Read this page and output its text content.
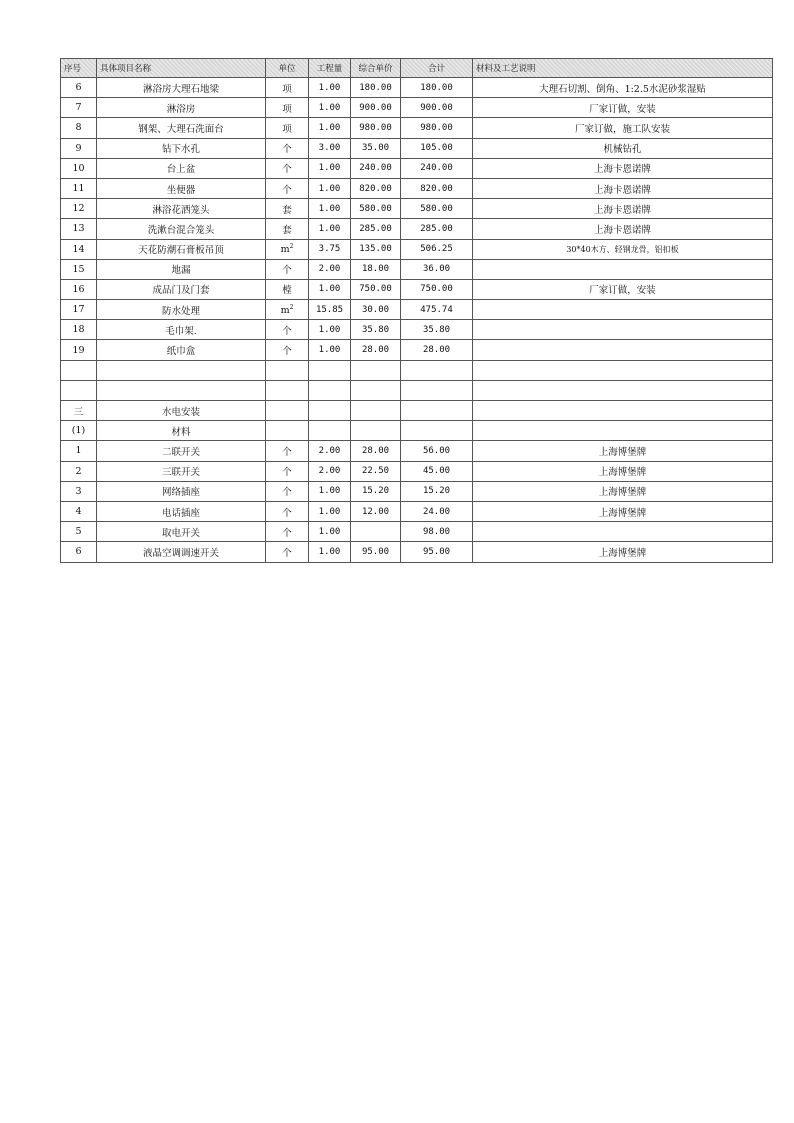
序号	具体项目名称	单位	工程量	综合单价	合计	材料及工艺说明
6	淋浴房大理石地梁	项	1.00	180.00	180.00	大理石切割、倒角、1:2.5水泥砂浆湿贴
7	淋浴房	项	1.00	900.00	900.00	厂家订做，安装
8	钢架、大理石洗面台	项	1.00	980.00	980.00	厂家订做，施工队安装
9	钻下水孔	个	3.00	35.00	105.00	机械钻孔
10	台上盆	个	1.00	240.00	240.00	上海卡恩诺牌
11	坐便器	个	1.00	820.00	820.00	上海卡恩诺牌
12	淋浴花洒笼头	套	1.00	580.00	580.00	上海卡恩诺牌
13	洗漱台混合笼头	套	1.00	285.00	285.00	上海卡恩诺牌
14	天花防潮石膏板吊顶	$m^2$	3.75	135.00	506.25	30*40木方、轻钢龙骨，铝扣板
15	地漏	个	2.00	18.00	36.00	
16	成品门及门套	樘	1.00	750.00	750.00	厂家订做，安装
17	防水处理	$m^2$	15.85	30.00	475.74	
18	毛巾架.	个	1.00	35.80	35.80	
19	纸巾盒	个	1.00	28.00	28.00	

三	水电安装					
(1)	材料					
1	二联开关	个	2.00	28.00	56.00	上海博堡牌
2	三联开关	个	2.00	22.50	45.00	上海博堡牌
3	网络插座	个	1.00	15.20	15.20	上海博堡牌
4	电话插座	个	1.00	12.00	24.00	上海博堡牌
5	取电开关	个	1.00		98.00	
6	液晶空调调速开关	个	1.00	95.00	95.00	上海博堡牌
